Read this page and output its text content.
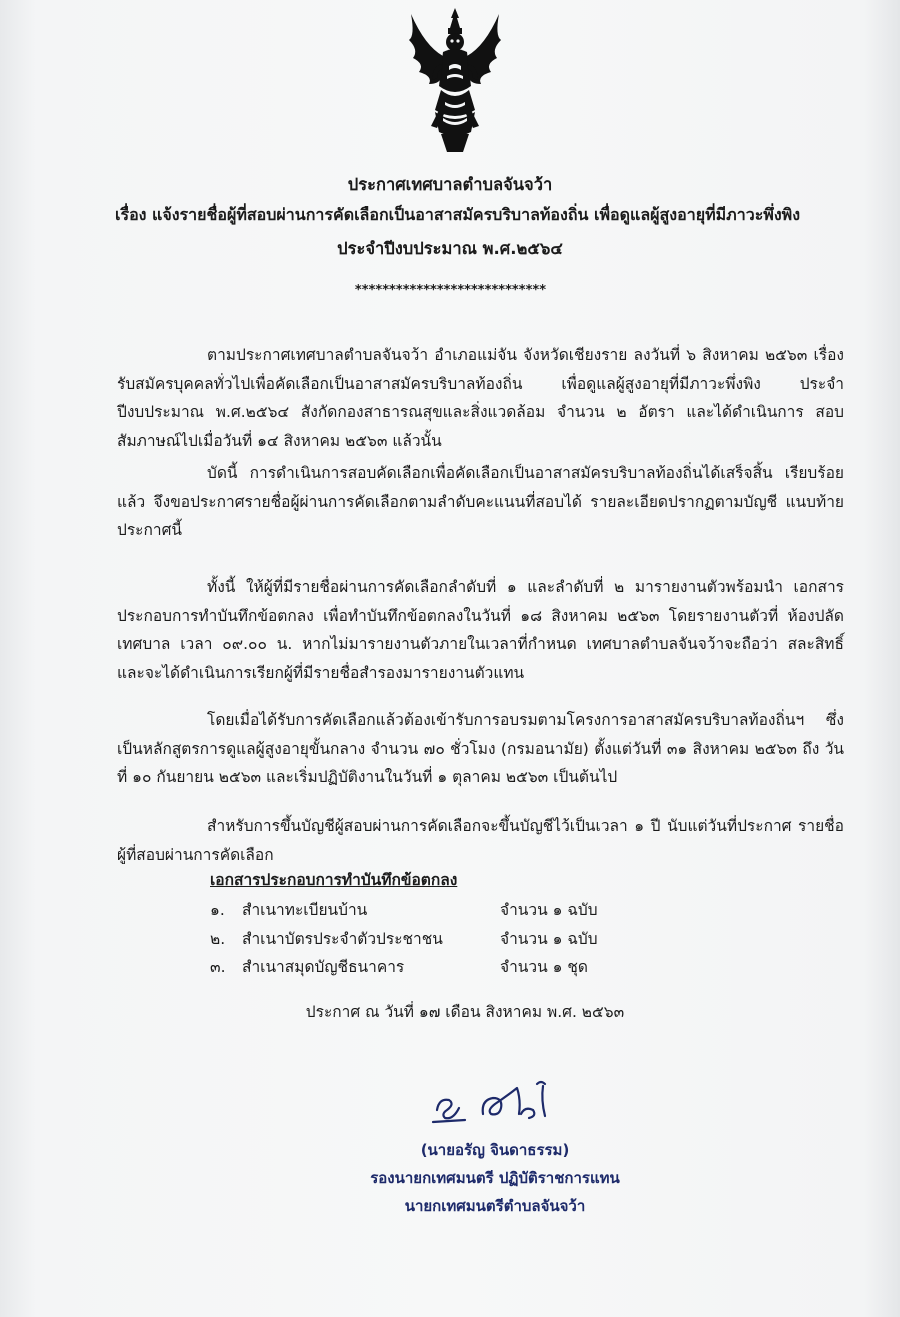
ประกาศเทศบาลตำบลจันจว้า
เรื่อง แจ้งรายชื่อผู้ที่สอบผ่านการคัดเลือกเป็นอาสาสมัครบริบาลท้องถิ่น เพื่อดูแลผู้สูงอายุที่มีภาวะพึ่งพิง
ประจำปีงบประมาณ พ.ศ.๒๕๖๔
****************************
ตามประกาศเทศบาลตำบลจันจว้า อำเภอแม่จัน จังหวัดเชียงราย ลงวันที่ ๖ สิงหาคม ๒๕๖๓ เรื่อง รับสมัครบุคคลทั่วไปเพื่อคัดเลือกเป็นอาสาสมัครบริบาลท้องถิ่น เพื่อดูแลผู้สูงอายุที่มีภาวะพึ่งพิง ประจำปีงบประมาณ พ.ศ.๒๕๖๔ สังกัดกองสาธารณสุขและสิ่งแวดล้อม จำนวน ๒ อัตรา และได้ดำเนินการ สอบสัมภาษณ์ไปเมื่อวันที่ ๑๔ สิงหาคม ๒๕๖๓ แล้วนั้น
บัดนี้ การดำเนินการสอบคัดเลือกเพื่อคัดเลือกเป็นอาสาสมัครบริบาลท้องถิ่นได้เสร็จสิ้น เรียบร้อยแล้ว จึงขอประกาศรายชื่อผู้ผ่านการคัดเลือกตามลำดับคะแนนที่สอบได้ รายละเอียดปรากฏตามบัญชี แนบท้ายประกาศนี้
ทั้งนี้ ให้ผู้ที่มีรายชื่อผ่านการคัดเลือกลำดับที่ ๑ และลำดับที่ ๒ มารายงานตัวพร้อมนำ เอกสารประกอบการทำบันทึกข้อตกลง เพื่อทำบันทึกข้อตกลงในวันที่ ๑๘ สิงหาคม ๒๕๖๓ โดยรายงานตัวที่ ห้องปลัดเทศบาล เวลา ๐๙.๐๐ น. หากไม่มารายงานตัวภายในเวลาที่กำหนด เทศบาลตำบลจันจว้าจะถือว่า สละสิทธิ์ และจะได้ดำเนินการเรียกผู้ที่มีรายชื่อสำรองมารายงานตัวแทน
โดยเมื่อได้รับการคัดเลือกแล้วต้องเข้ารับการอบรมตามโครงการอาสาสมัครบริบาลท้องถิ่นฯ ซึ่ง เป็นหลักสูตรการดูแลผู้สูงอายุขั้นกลาง จำนวน ๗๐ ชั่วโมง (กรมอนามัย) ตั้งแต่วันที่ ๓๑ สิงหาคม ๒๕๖๓ ถึง วันที่ ๑๐ กันยายน ๒๕๖๓ และเริ่มปฏิบัติงานในวันที่ ๑ ตุลาคม ๒๕๖๓ เป็นต้นไป
สำหรับการขึ้นบัญชีผู้สอบผ่านการคัดเลือกจะขึ้นบัญชีไว้เป็นเวลา ๑ ปี นับแต่วันที่ประกาศ รายชื่อผู้ที่สอบผ่านการคัดเลือก
เอกสารประกอบการทำบันทึกข้อตกลง
๑. สำเนาทะเบียนบ้าน	จำนวน ๑ ฉบับ
๒. สำเนาบัตรประจำตัวประชาชน	จำนวน ๑ ฉบับ
๓. สำเนาสมุดบัญชีธนาคาร	จำนวน ๑ ชุด
ประกาศ ณ วันที่ ๑๗ เดือน สิงหาคม พ.ศ. ๒๕๖๓
(นายอรัญ จินดาธรรม)
รองนายกเทศมนตรี ปฏิบัติราชการแทน
นายกเทศมนตรีตำบลจันจว้า
